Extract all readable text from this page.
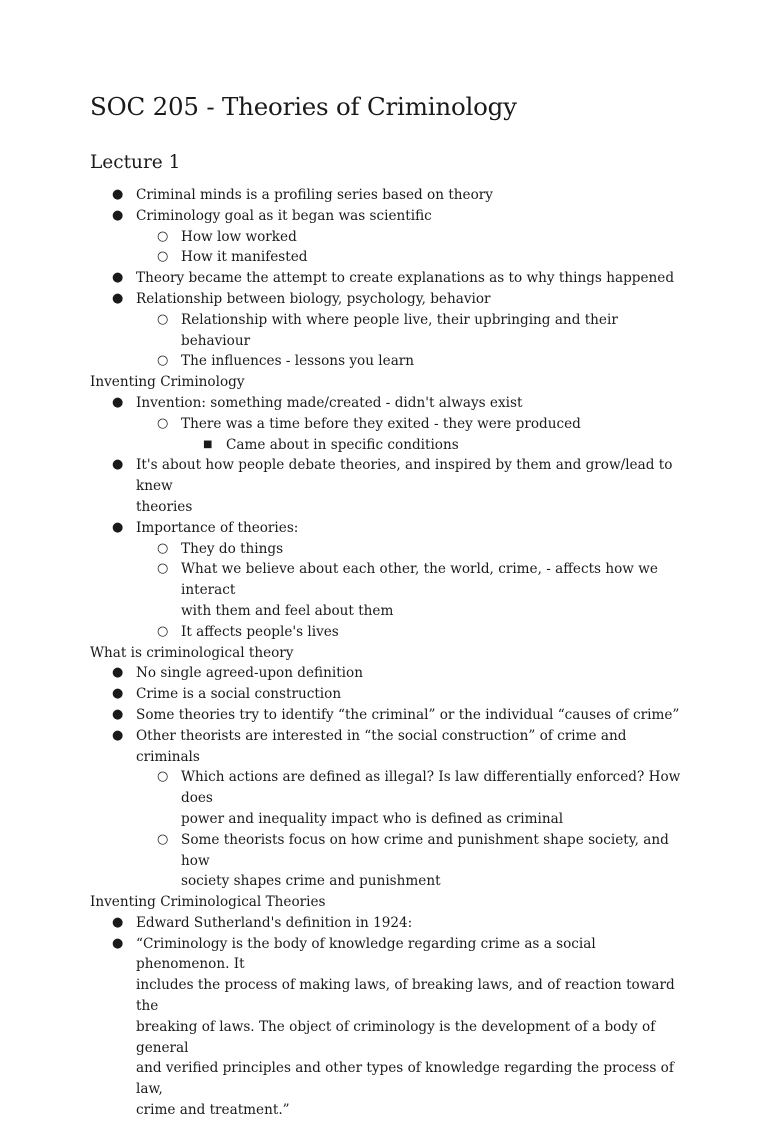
SOC 205 - Theories of Criminology
Lecture 1
● Criminal minds is a profiling series based on theory
● Criminology goal as it began was scientific
○ How low worked
○ How it manifested
● Theory became the attempt to create explanations as to why things happened
● Relationship between biology, psychology, behavior
○ Relationship with where people live, their upbringing and their behaviour
○ The influences - lessons you learn
Inventing Criminology
● Invention: something made/created - didn't always exist
○ There was a time before they exited - they were produced
■ Came about in specific conditions
● It's about how people debate theories, and inspired by them and grow/lead to knew
theories
● Importance of theories:
○ They do things
○ What we believe about each other, the world, crime, - affects how we interact
with them and feel about them
○ It affects people's lives
What is criminological theory
● No single agreed-upon definition
● Crime is a social construction
● Some theories try to identify “the criminal” or the individual “causes of crime”
● Other theorists are interested in “the social construction” of crime and criminals
○ Which actions are defined as illegal? Is law differentially enforced? How does
power and inequality impact who is defined as criminal
○ Some theorists focus on how crime and punishment shape society, and how
society shapes crime and punishment
Inventing Criminological Theories
● Edward Sutherland's definition in 1924:
● “Criminology is the body of knowledge regarding crime as a social phenomenon. It
includes the process of making laws, of breaking laws, and of reaction toward the
breaking of laws. The object of criminology is the development of a body of general
and verified principles and other types of knowledge regarding the process of law,
crime and treatment.”
